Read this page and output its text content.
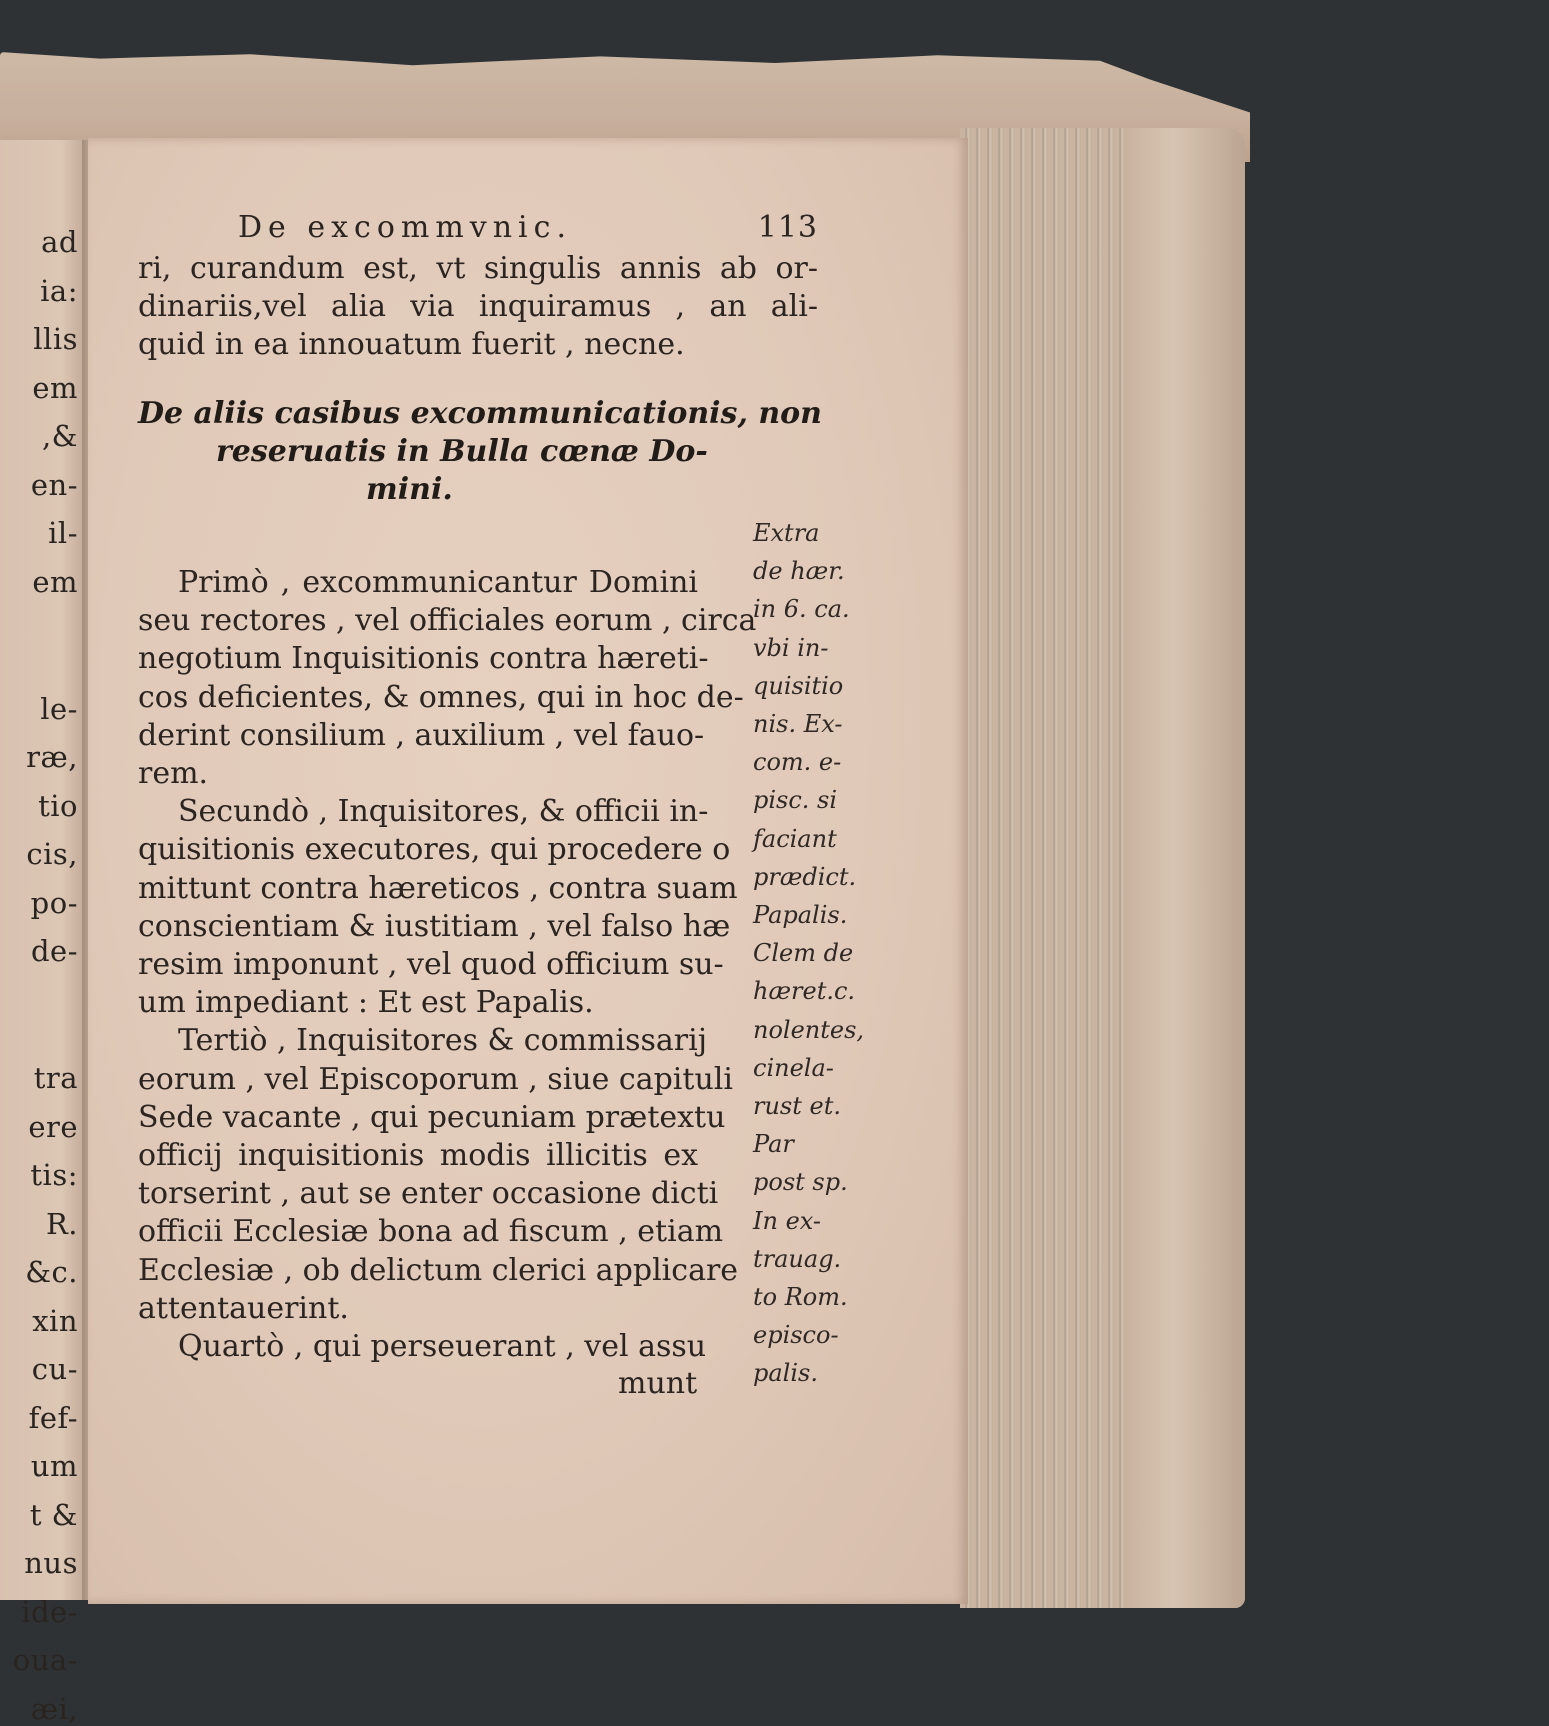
ad
ia:
llis
em
,&
en-
il-
em
le-
ræ,
tio
cis,
po-
de-
tra
ere
tis:
R.
&c.
xin
cu-
fef-
um
t &
nus
ide-
oua-
æi,
De excommvnic.	113
ri, curandum est, vt singulis annis ab or-
dinariis,vel alia via inquiramus , an ali-
quid in ea innouatum fuerit , necne.
De aliis casibus excommunicationis, non
reseruatis in Bulla cœnæ Do-
mini.
Primò , excommunicantur Domini
seu rectores , vel officiales eorum , circa
negotium Inquisitionis contra hæreti-
cos deficientes, & omnes, qui in hoc de-
derint consilium , auxilium , vel fauo-
rem.
Secundò , Inquisitores, & officii in-
quisitionis executores, qui procedere o
mittunt contra hæreticos , contra suam
conscientiam & iustitiam , vel falso hæ
resim imponunt , vel quod officium su-
um impediant : Et est Papalis.
Tertiò , Inquisitores & commissarij
eorum , vel Episcoporum , siue capituli
Sede vacante , qui pecuniam prætextu
officij inquisitionis modis illicitis ex
torserint , aut se enter occasione dicti
officii Ecclesiæ bona ad fiscum , etiam
Ecclesiæ , ob delictum clerici applicare
attentauerint.
Quartò , qui perseuerant , vel assu
munt
Extra
de hær.
in 6. ca.
vbi in-
quisitio
nis. Ex-
com. e-
pisc. si
faciant
prædict.
Papalis.
Clem de
hæret.c.
nolentes,
cinela-
rust et.
Par
post sp.
In ex-
trauag.
to Rom.
episco-
palis.
